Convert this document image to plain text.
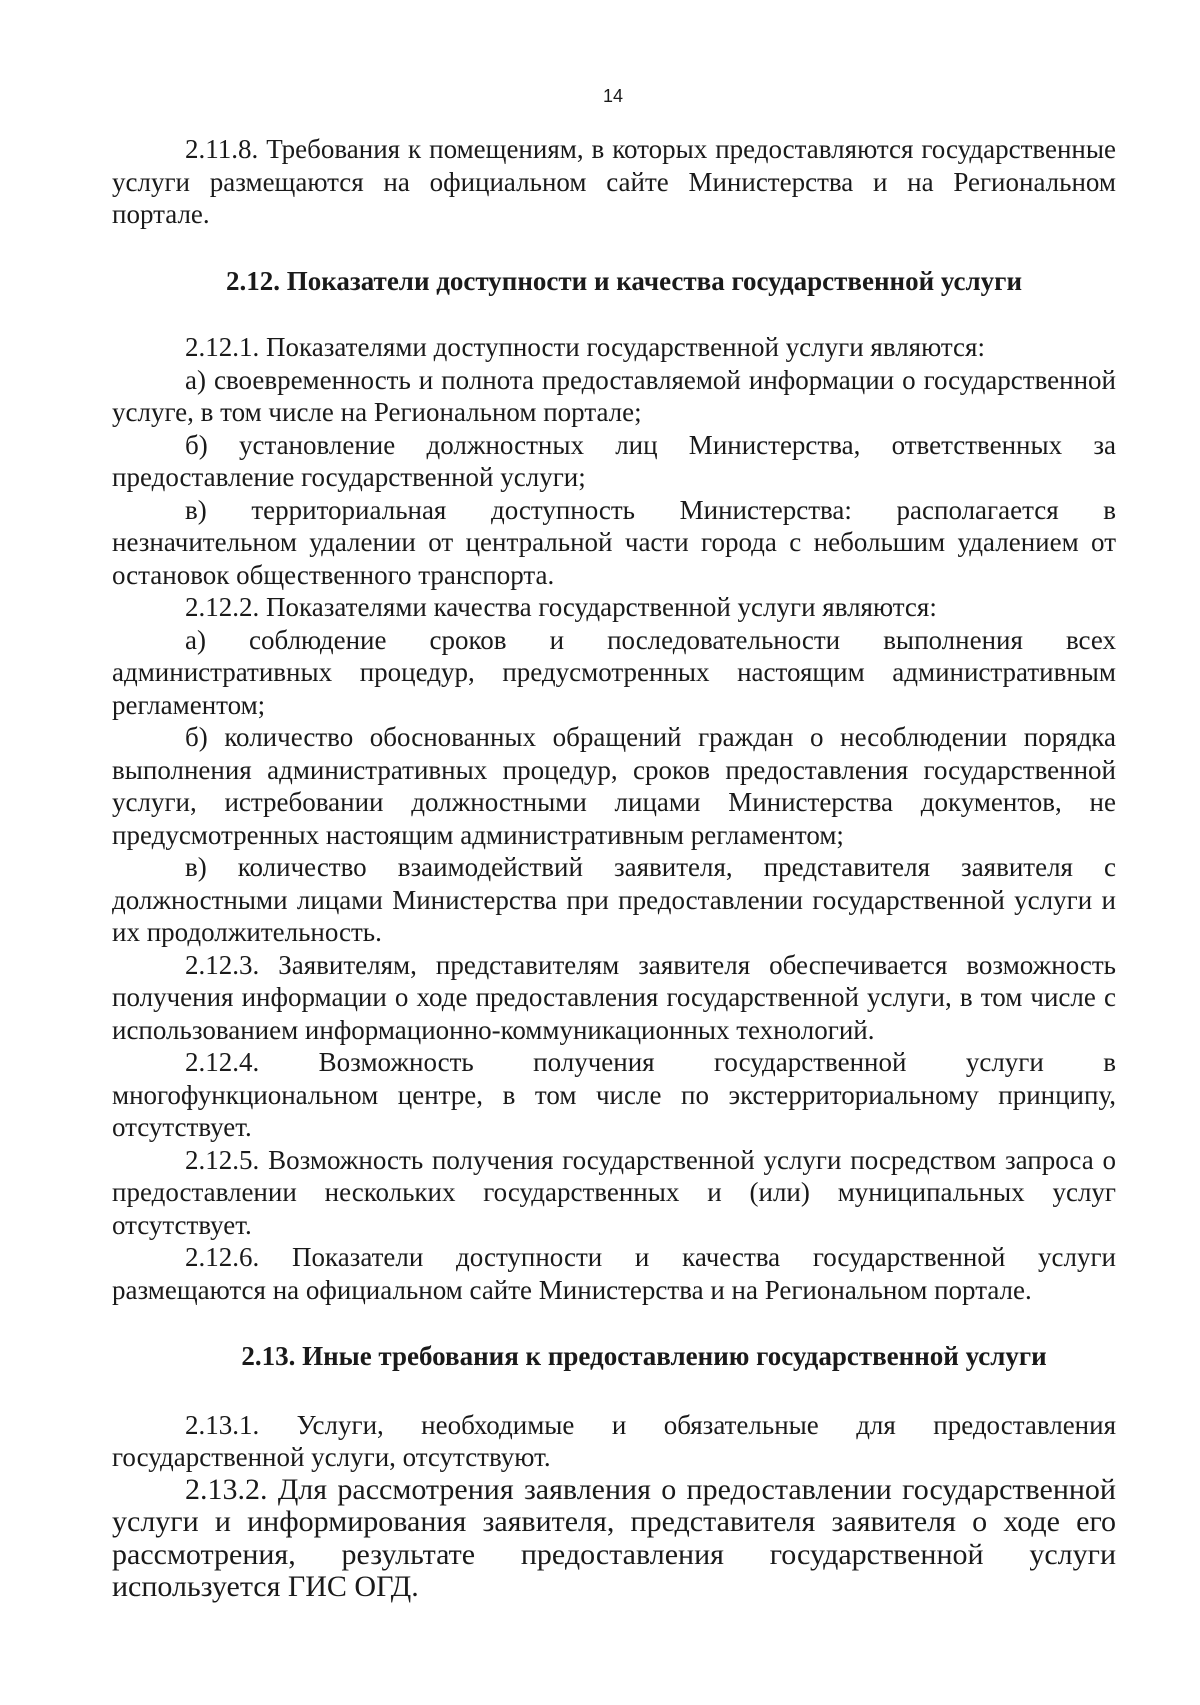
14

2.11.8. Требования к помещениям, в которых предоставляются государственные услуги размещаются на официальном сайте Министерства и на Региональном портале.

2.12. Показатели доступности и качества государственной услуги

2.12.1. Показателями доступности государственной услуги являются:

а) своевременность и полнота предоставляемой информации о государственной услуге, в том числе на Региональном портале;

б) установление должностных лиц Министерства, ответственных за предоставление государственной услуги;

в) территориальная доступность Министерства: располагается в незначительном удалении от центральной части города с небольшим удалением от остановок общественного транспорта.

2.12.2. Показателями качества государственной услуги являются:

а) соблюдение сроков и последовательности выполнения всех административных процедур, предусмотренных настоящим административным регламентом;

б) количество обоснованных обращений граждан о несоблюдении порядка выполнения административных процедур, сроков предоставления государственной услуги, истребовании должностными лицами Министерства документов, не предусмотренных настоящим административным регламентом;

в) количество взаимодействий заявителя, представителя заявителя с должностными лицами Министерства при предоставлении государственной услуги и их продолжительность.

2.12.3. Заявителям, представителям заявителя обеспечивается возможность получения информации о ходе предоставления государственной услуги, в том числе с использованием информационно-коммуникационных технологий.

2.12.4. Возможность получения государственной услуги в многофункциональном центре, в том числе по экстерриториальному принципу, отсутствует.

2.12.5. Возможность получения государственной услуги посредством запроса о предоставлении нескольких государственных и (или) муниципальных услуг отсутствует.

2.12.6. Показатели доступности и качества государственной услуги размещаются на официальном сайте Министерства и на Региональном портале.

2.13. Иные требования к предоставлению государственной услуги

2.13.1. Услуги, необходимые и обязательные для предоставления государственной услуги, отсутствуют.

2.13.2. Для рассмотрения заявления о предоставлении государственной услуги и информирования заявителя, представителя заявителя о ходе его рассмотрения, результате предоставления государственной услуги используется ГИС ОГД.
